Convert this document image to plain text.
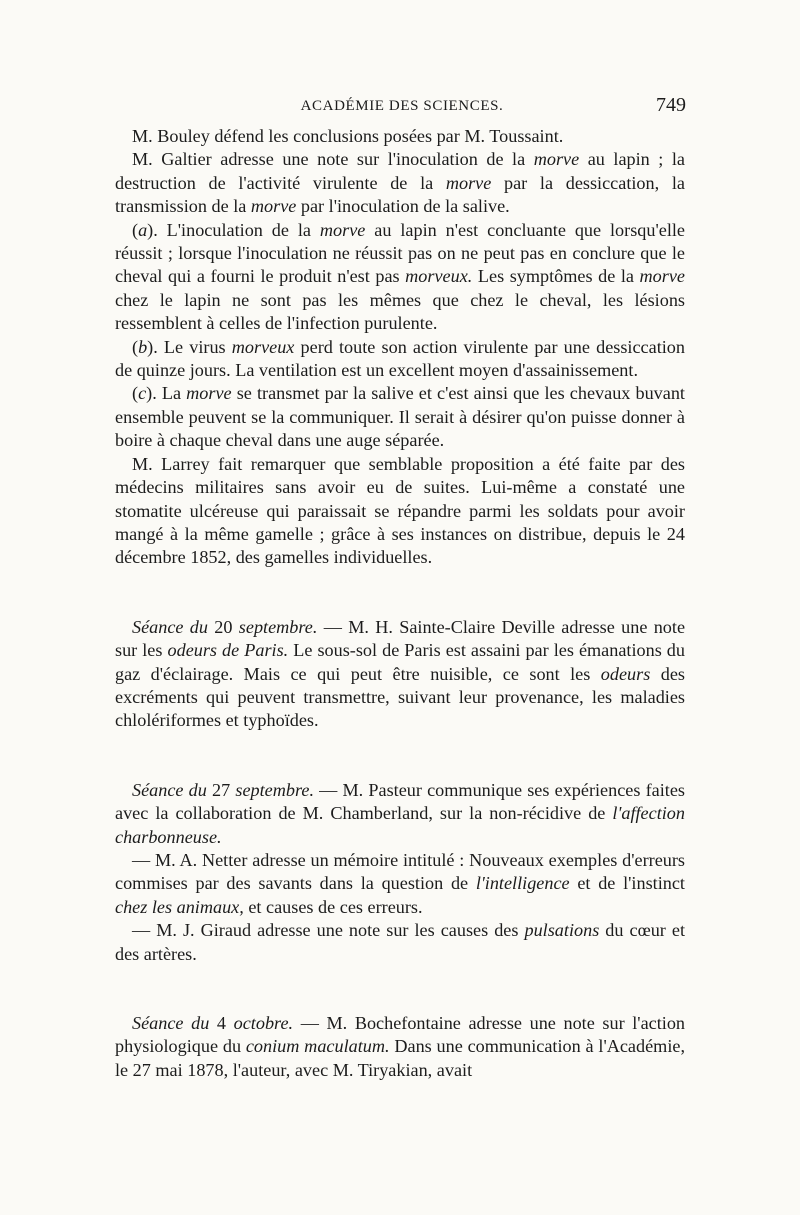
ACADÉMIE DES SCIENCES.	749

M. Bouley défend les conclusions posées par M. Toussaint.

M. Galtier adresse une note sur l'inoculation de la morve au lapin ; la destruction de l'activité virulente de la morve par la dessiccation, la transmission de la morve par l'inoculation de la salive.

(a). L'inoculation de la morve au lapin n'est concluante que lorsqu'elle réussit ; lorsque l'inoculation ne réussit pas on ne peut pas en conclure que le cheval qui a fourni le produit n'est pas morveux. Les symptômes de la morve chez le lapin ne sont pas les mêmes que chez le cheval, les lésions ressemblent à celles de l'infection purulente.

(b). Le virus morveux perd toute son action virulente par une dessiccation de quinze jours. La ventilation est un excellent moyen d'assainissement.

(c). La morve se transmet par la salive et c'est ainsi que les chevaux buvant ensemble peuvent se la communiquer. Il serait à désirer qu'on puisse donner à boire à chaque cheval dans une auge séparée.

M. Larrey fait remarquer que semblable proposition a été faite par des médecins militaires sans avoir eu de suites. Lui-même a constaté une stomatite ulcéreuse qui paraissait se répandre parmi les soldats pour avoir mangé à la même gamelle ; grâce à ses instances on distribue, depuis le 24 décembre 1852, des gamelles individuelles.

Séance du 20 septembre. — M. H. Sainte-Claire Deville adresse une note sur les odeurs de Paris. Le sous-sol de Paris est assaini par les émanations du gaz d'éclairage. Mais ce qui peut être nuisible, ce sont les odeurs des excréments qui peuvent transmettre, suivant leur provenance, les maladies chlolériformes et typhoïdes.

Séance du 27 septembre. — M. Pasteur communique ses expériences faites avec la collaboration de M. Chamberland, sur la non-récidive de l'affection charbonneuse.

— M. A. Netter adresse un mémoire intitulé : Nouveaux exemples d'erreurs commises par des savants dans la question de l'intelligence et de l'instinct chez les animaux, et causes de ces erreurs.

— M. J. Giraud adresse une note sur les causes des pulsations du cœur et des artères.

Séance du 4 octobre. — M. Bochefontaine adresse une note sur l'action physiologique du conium maculatum. Dans une communication à l'Académie, le 27 mai 1878, l'auteur, avec M. Tiryakian, avait
